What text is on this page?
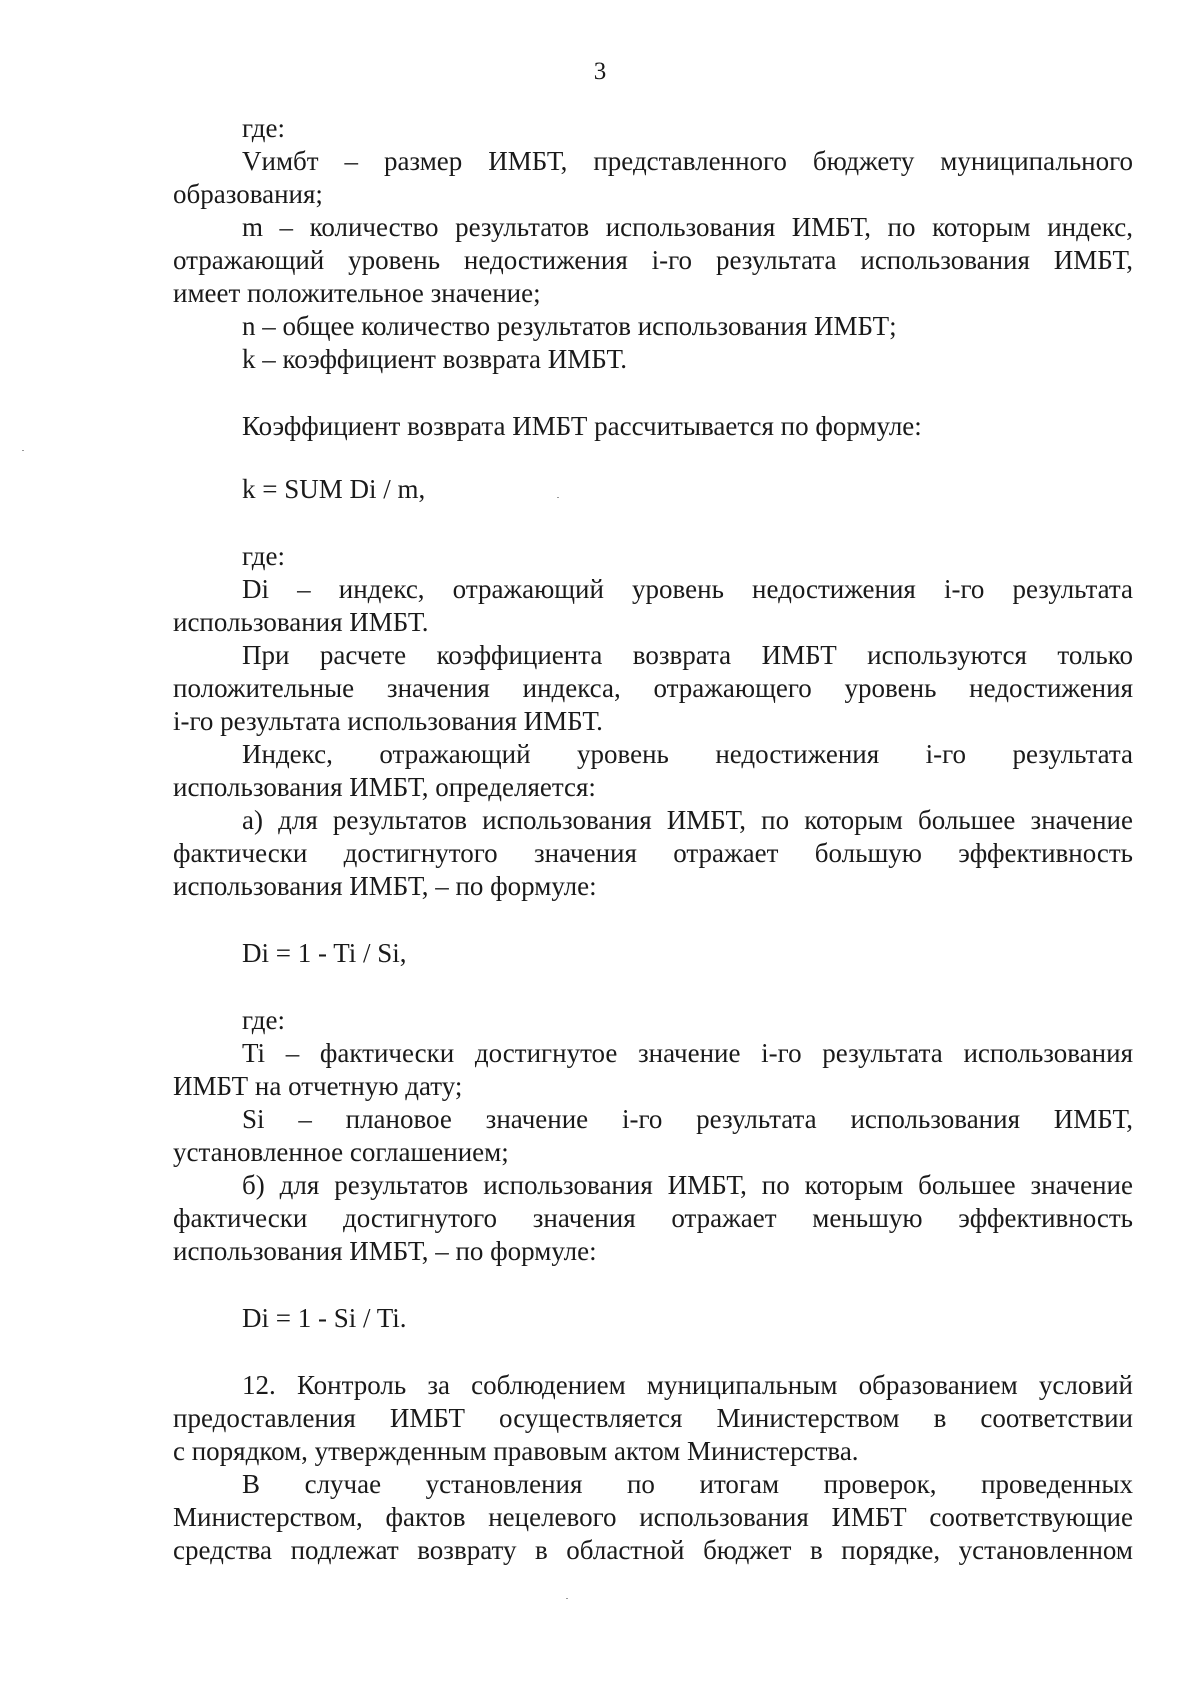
3
где:
Vимбт – размер ИМБТ, представленного бюджету муниципального
образования;
m – количество результатов использования ИМБТ, по которым индекс,
отражающий уровень недостижения i-го результата использования ИМБТ,
имеет положительное значение;
n – общее количество результатов использования ИМБТ;
k – коэффициент возврата ИМБТ.
Коэффициент возврата ИМБТ рассчитывается по формуле:
k = SUM Di / m,
где:
Di – индекс, отражающий уровень недостижения i-го результата
использования ИМБТ.
При расчете коэффициента возврата ИМБТ используются только
положительные значения индекса, отражающего уровень недостижения
i-го результата использования ИМБТ.
Индекс, отражающий уровень недостижения i-го результата
использования ИМБТ, определяется:
а) для результатов использования ИМБТ, по которым большее значение
фактически достигнутого значения отражает большую эффективность
использования ИМБТ, – по формуле:
Di = 1 - Ti / Si,
где:
Ti – фактически достигнутое значение i-го результата использования
ИМБТ на отчетную дату;
Si – плановое значение i-го результата использования ИМБТ,
установленное соглашением;
б) для результатов использования ИМБТ, по которым большее значение
фактически достигнутого значения отражает меньшую эффективность
использования ИМБТ, – по формуле:
Di = 1 - Si / Ti.
12. Контроль за соблюдением муниципальным образованием условий
предоставления ИМБТ осуществляется Министерством в соответствии
с порядком, утвержденным правовым актом Министерства.
В случае установления по итогам проверок, проведенных
Министерством, фактов нецелевого использования ИМБТ соответствующие
средства подлежат возврату в областной бюджет в порядке, установленном
